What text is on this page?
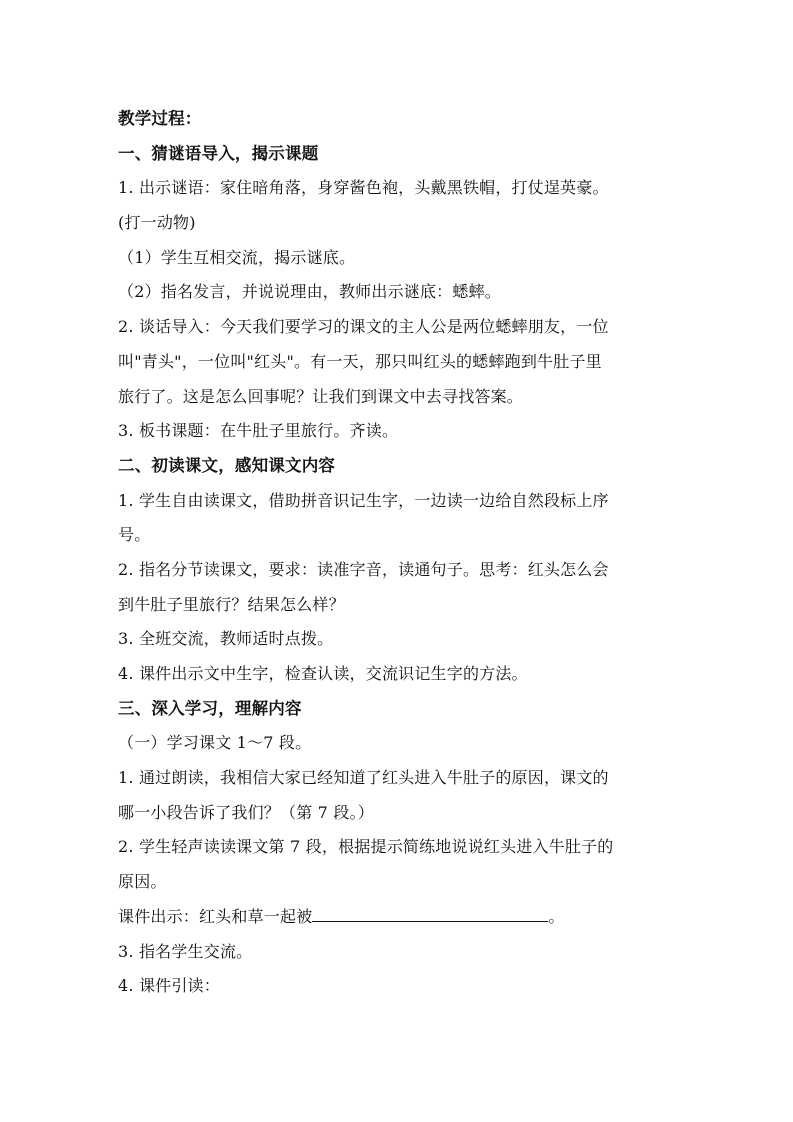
教学过程：
一、猜谜语导入，揭示课题
1. 出示谜语：家住暗角落，身穿酱色袍，头戴黑铁帽，打仗逞英豪。
(打一动物)
（1）学生互相交流，揭示谜底。
（2）指名发言，并说说理由，教师出示谜底：蟋蟀。
2. 谈话导入：今天我们要学习的课文的主人公是两位蟋蟀朋友，一位
叫"青头"，一位叫"红头"。有一天，那只叫红头的蟋蟀跑到牛肚子里
旅行了。这是怎么回事呢？让我们到课文中去寻找答案。
3. 板书课题：在牛肚子里旅行。齐读。
二、初读课文，感知课文内容
1. 学生自由读课文，借助拼音识记生字，一边读一边给自然段标上序
号。
2. 指名分节读课文，要求：读准字音，读通句子。思考：红头怎么会
到牛肚子里旅行？结果怎么样？
3. 全班交流，教师适时点拨。
4. 课件出示文中生字，检查认读，交流识记生字的方法。
三、深入学习，理解内容
（一）学习课文 1～7 段。
1. 通过朗读，我相信大家已经知道了红头进入牛肚子的原因，课文的
哪一小段告诉了我们？（第 7 段。）
2. 学生轻声读读课文第 7 段，根据提示简练地说说红头进入牛肚子的
原因。
课件出示：红头和草一起被	。
3. 指名学生交流。
4. 课件引读：
